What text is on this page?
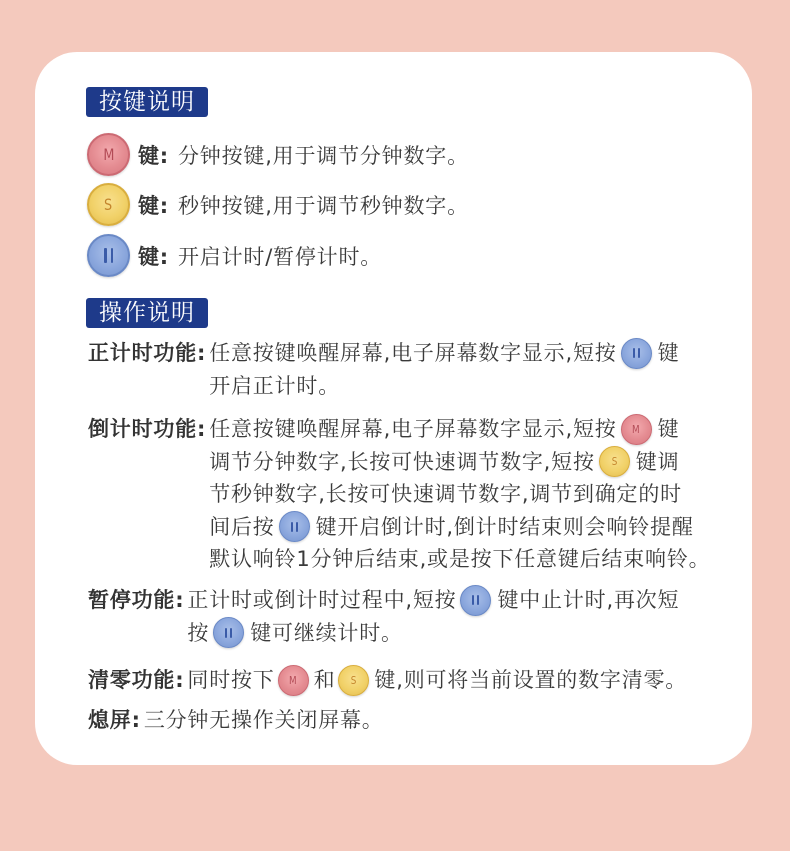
按键说明
M 键: 分钟按键,用于调节分钟数字。
S 键: 秒钟按键,用于调节秒钟数字。
键: 开启计时/暂停计时。
操作说明
正计时功能: 任意按键唤醒屏幕,电子屏幕数字显示,短按 键
开启正计时。
倒计时功能: 任意按键唤醒屏幕,电子屏幕数字显示,短按 M 键
调节分钟数字,长按可快速调节数字,短按 S 键调
节秒钟数字,长按可快速调节数字,调节到确定的时
间后按 键开启倒计时,倒计时结束则会响铃提醒
默认响铃1分钟后结束,或是按下任意键后结束响铃。
暂停功能: 正计时或倒计时过程中,短按 键中止计时,再次短
按 键可继续计时。
清零功能: 同时按下 M 和 S 键,则可将当前设置的数字清零。
熄屏: 三分钟无操作关闭屏幕。
